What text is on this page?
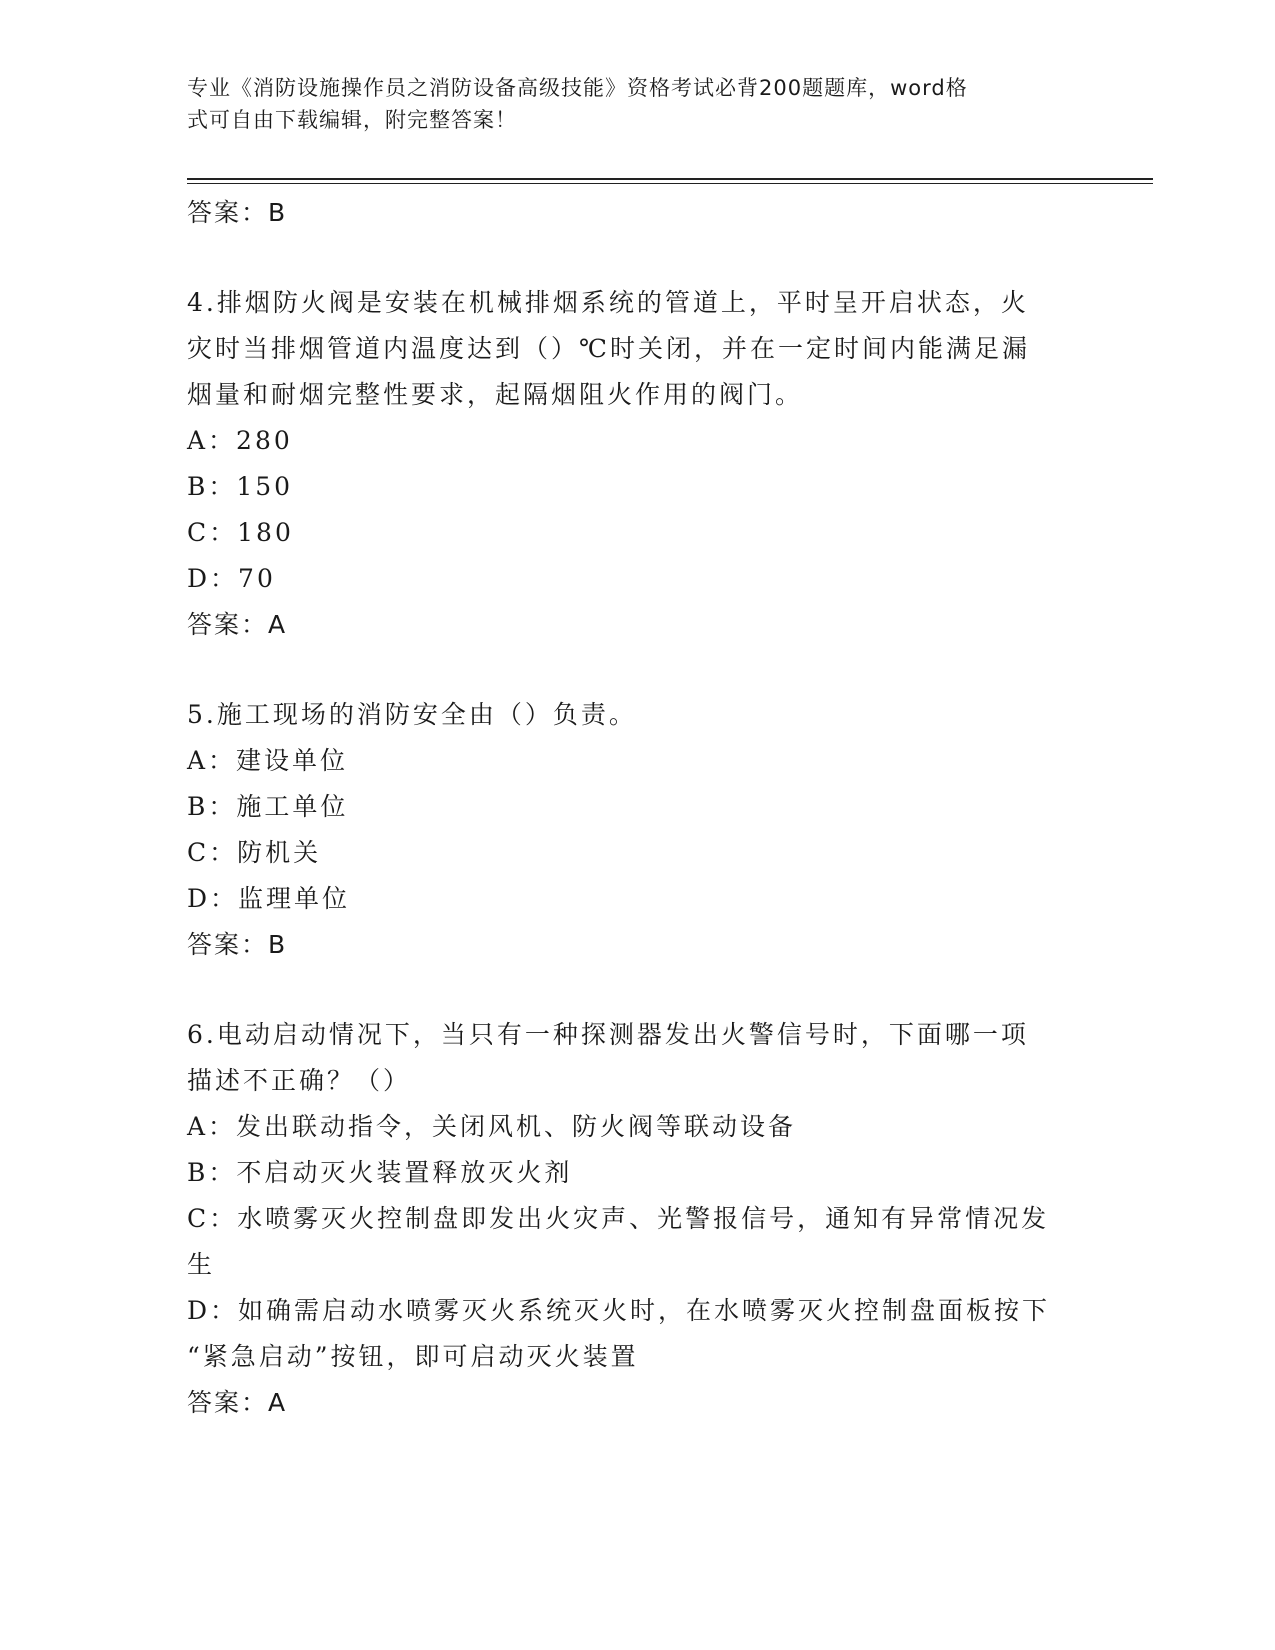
专业《消防设施操作员之消防设备高级技能》资格考试必背200题题库，word格
式可自由下载编辑，附完整答案！
答案：B
4.排烟防火阀是安装在机械排烟系统的管道上，平时呈开启状态，火
灾时当排烟管道内温度达到（）℃时关闭，并在一定时间内能满足漏
烟量和耐烟完整性要求，起隔烟阻火作用的阀门。
A：280
B：150
C：180
D：70
答案：A
5.施工现场的消防安全由（）负责。
A：建设单位
B：施工单位
C：防机关
D：监理单位
答案：B
6.电动启动情况下，当只有一种探测器发出火警信号时，下面哪一项
描述不正确？（）
A：发出联动指令，关闭风机、防火阀等联动设备
B：不启动灭火装置释放灭火剂
C：水喷雾灭火控制盘即发出火灾声、光警报信号，通知有异常情况发
生
D：如确需启动水喷雾灭火系统灭火时，在水喷雾灭火控制盘面板按下
“紧急启动”按钮，即可启动灭火装置
答案：A
